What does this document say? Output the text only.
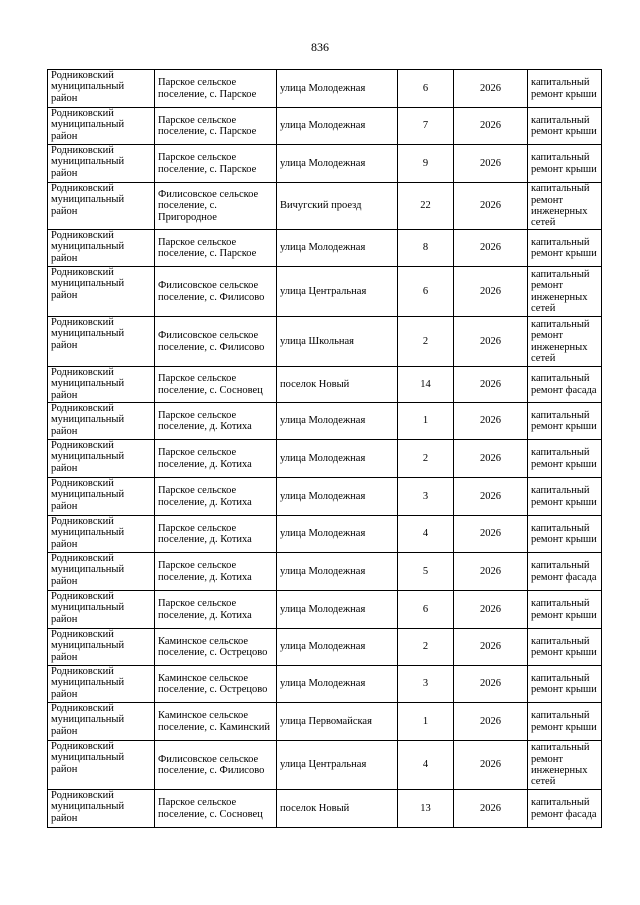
836
Родниковский муниципальный район	Парское сельское поселение, с. Парское	улица Молодежная	6	2026	капитальный ремонт крыши
Родниковский муниципальный район	Парское сельское поселение, с. Парское	улица Молодежная	7	2026	капитальный ремонт крыши
Родниковский муниципальный район	Парское сельское поселение, с. Парское	улица Молодежная	9	2026	капитальный ремонт крыши
Родниковский муниципальный район	Филисовское сельское поселение, с. Пригородное	Вичугский проезд	22	2026	капитальный ремонт инженерных сетей
Родниковский муниципальный район	Парское сельское поселение, с. Парское	улица Молодежная	8	2026	капитальный ремонт крыши
Родниковский муниципальный район	Филисовское сельское поселение, с. Филисово	улица Центральная	6	2026	капитальный ремонт инженерных сетей
Родниковский муниципальный район	Филисовское сельское поселение, с. Филисово	улица Школьная	2	2026	капитальный ремонт инженерных сетей
Родниковский муниципальный район	Парское сельское поселение, с. Сосновец	поселок Новый	14	2026	капитальный ремонт фасада
Родниковский муниципальный район	Парское сельское поселение, д. Котиха	улица Молодежная	1	2026	капитальный ремонт крыши
Родниковский муниципальный район	Парское сельское поселение, д. Котиха	улица Молодежная	2	2026	капитальный ремонт крыши
Родниковский муниципальный район	Парское сельское поселение, д. Котиха	улица Молодежная	3	2026	капитальный ремонт крыши
Родниковский муниципальный район	Парское сельское поселение, д. Котиха	улица Молодежная	4	2026	капитальный ремонт крыши
Родниковский муниципальный район	Парское сельское поселение, д. Котиха	улица Молодежная	5	2026	капитальный ремонт фасада
Родниковский муниципальный район	Парское сельское поселение, д. Котиха	улица Молодежная	6	2026	капитальный ремонт крыши
Родниковский муниципальный район	Каминское сельское поселение, с. Острецово	улица Молодежная	2	2026	капитальный ремонт крыши
Родниковский муниципальный район	Каминское сельское поселение, с. Острецово	улица Молодежная	3	2026	капитальный ремонт крыши
Родниковский муниципальный район	Каминское сельское поселение, с. Каминский	улица Первомайская	1	2026	капитальный ремонт крыши
Родниковский муниципальный район	Филисовское сельское поселение, с. Филисово	улица Центральная	4	2026	капитальный ремонт инженерных сетей
Родниковский муниципальный район	Парское сельское поселение, с. Сосновец	поселок Новый	13	2026	капитальный ремонт фасада
